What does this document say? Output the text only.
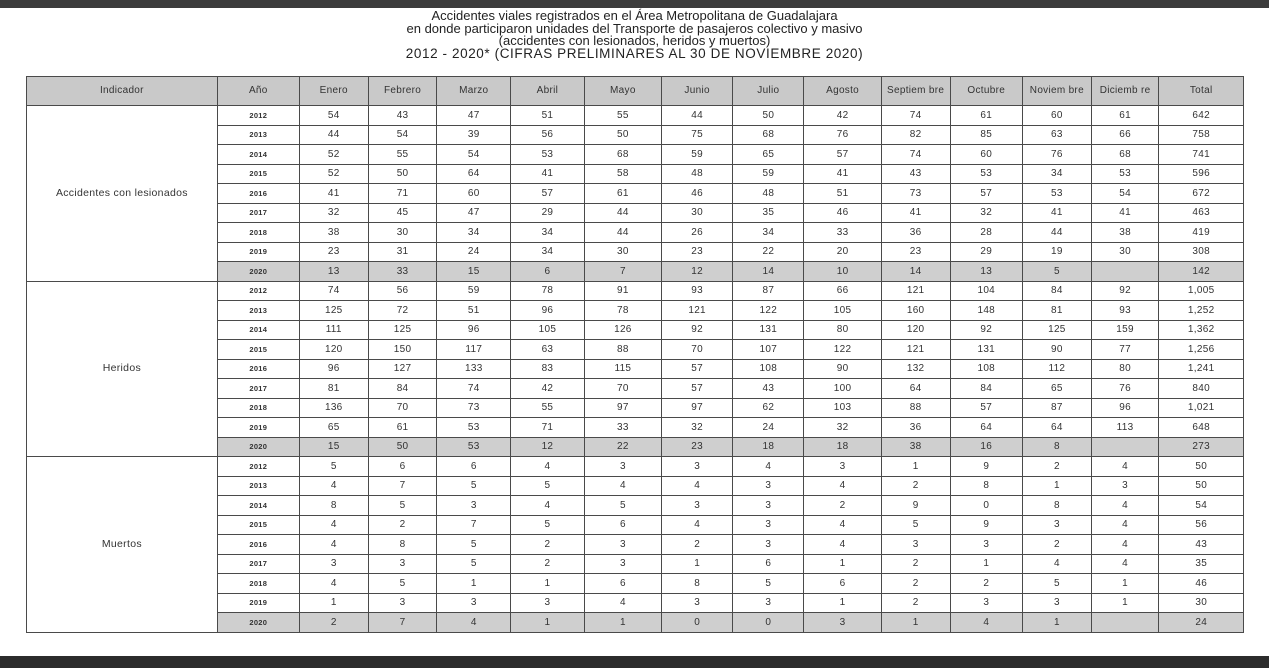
Accidentes viales registrados en el Área Metropolitana de Guadalajara
en donde participaron unidades del Transporte de pasajeros colectivo y masivo
(accidentes con lesionados, heridos y muertos)
2012 - 2020* (CIFRAS PRELIMINARES AL 30 DE NOVIEMBRE 2020)
Indicador	Año	Enero	Febrero	Marzo	Abril	Mayo	Junio	Julio	Agosto	Septiem bre	Octubre	Noviem bre	Diciemb re	Total
Accidentes con lesionados	2012	54	43	47	51	55	44	50	42	74	61	60	61	642
	2013	44	54	39	56	50	75	68	76	82	85	63	66	758
	2014	52	55	54	53	68	59	65	57	74	60	76	68	741
	2015	52	50	64	41	58	48	59	41	43	53	34	53	596
	2016	41	71	60	57	61	46	48	51	73	57	53	54	672
	2017	32	45	47	29	44	30	35	46	41	32	41	41	463
	2018	38	30	34	34	44	26	34	33	36	28	44	38	419
	2019	23	31	24	34	30	23	22	20	23	29	19	30	308
	2020	13	33	15	6	7	12	14	10	14	13	5		142
Heridos	2012	74	56	59	78	91	93	87	66	121	104	84	92	1,005
	2013	125	72	51	96	78	121	122	105	160	148	81	93	1,252
	2014	111	125	96	105	126	92	131	80	120	92	125	159	1,362
	2015	120	150	117	63	88	70	107	122	121	131	90	77	1,256
	2016	96	127	133	83	115	57	108	90	132	108	112	80	1,241
	2017	81	84	74	42	70	57	43	100	64	84	65	76	840
	2018	136	70	73	55	97	97	62	103	88	57	87	96	1,021
	2019	65	61	53	71	33	32	24	32	36	64	64	113	648
	2020	15	50	53	12	22	23	18	18	38	16	8		273
Muertos	2012	5	6	6	4	3	3	4	3	1	9	2	4	50
	2013	4	7	5	5	4	4	3	4	2	8	1	3	50
	2014	8	5	3	4	5	3	3	2	9	0	8	4	54
	2015	4	2	7	5	6	4	3	4	5	9	3	4	56
	2016	4	8	5	2	3	2	3	4	3	3	2	4	43
	2017	3	3	5	2	3	1	6	1	2	1	4	4	35
	2018	4	5	1	1	6	8	5	6	2	2	5	1	46
	2019	1	3	3	3	4	3	3	1	2	3	3	1	30
	2020	2	7	4	1	1	0	0	3	1	4	1		24
